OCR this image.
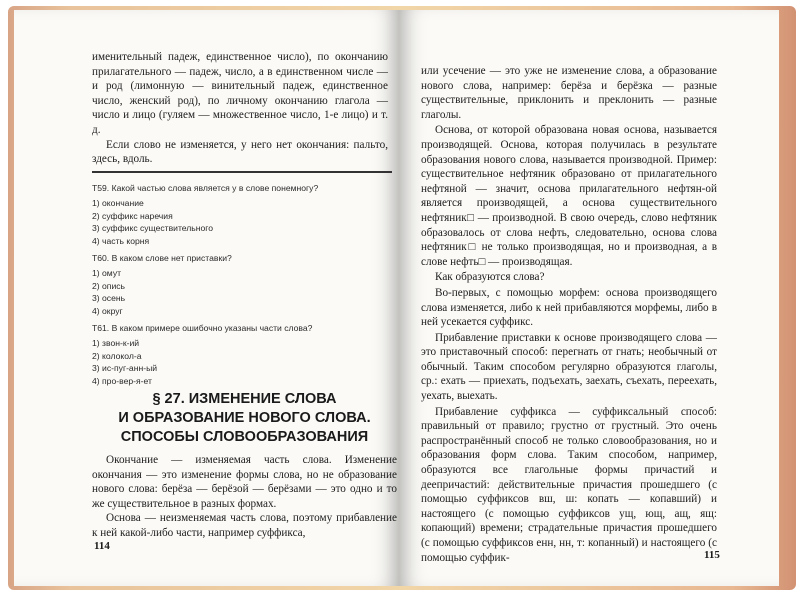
именительный падеж, единственное число), по окончанию прилагательного — падеж, число, а в единственном числе — и род (лимонную — винительный падеж, единственное число, женский род), по личному окончанию глагола — число и лицо (гуляем — множественное число, 1-е лицо) и т. д.

Если слово не изменяется, у него нет окончания: пальто, здесь, вдоль.

Т59. Какой частью слова является у в слове понемногу?
1) окончание
2) суффикс наречия
3) суффикс существительного
4) часть корня
Т60. В каком слове нет приставки?
1) омут
2) опись
3) осень
4) округ
Т61. В каком примере ошибочно указаны части слова?
1) звон-к-ий
2) колокол-а
3) ис-пуг-анн-ый
4) про-вер-я-ет
§ 27. ИЗМЕНЕНИЕ СЛОВА
И ОБРАЗОВАНИЕ НОВОГО СЛОВА.
СПОСОБЫ СЛОВООБРАЗОВАНИЯ

Окончание — изменяемая часть слова. Изменение окончания — это изменение формы слова, но не образование нового слова: берёза — берёзой — берёзами — это одно и то же существительное в разных формах.

Основа — неизменяемая часть слова, поэтому прибавление к ней какой-либо части, например суффикса,

114

или усечение — это уже не изменение слова, а образование нового слова, например: берёза и берёзка — разные существительные, приклонить и преклонить — разные глаголы.

Основа, от которой образована новая основа, называется производящей. Основа, которая получилась в результате образования нового слова, называется производной. Пример: существительное нефтяник образовано от прилагательного нефтяной — значит, основа прилагательного нефтян-ой является производящей, а основа существительного нефтяник□ — производной. В свою очередь, слово нефтяник образовалось от слова нефть, следовательно, основа слова нефтяник□ не только производящая, но и производная, а в слове нефть□ — производящая.

Как образуются слова?

Во-первых, с помощью морфем: основа производящего слова изменяется, либо к ней прибавляются морфемы, либо в ней усекается суффикс.

Прибавление приставки к основе производящего слова — это приставочный способ: перегнать от гнать; необычный от обычный. Таким способом регулярно образуются глаголы, ср.: ехать — приехать, подъехать, заехать, съехать, переехать, уехать, выехать.

Прибавление суффикса — суффиксальный способ: правильный от правило; грустно от грустный. Это очень распространённый способ не только словообразования, но и образования форм слова. Таким способом, например, образуются все глагольные формы причастий и деепричастий: действительные причастия прошедшего (с помощью суффиксов вш, ш: копать — копавший) и настоящего (с помощью суффиксов ущ, ющ, ащ, ящ: копающий) времени; страдательные причастия прошедшего (с помощью суффиксов енн, нн, т: копанный) и настоящего (с помощью суффик-	115
